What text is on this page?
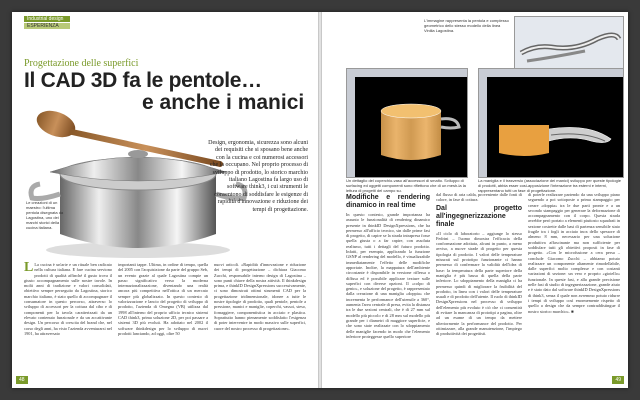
Industrial design
ESPERIENZA
Progettazione delle superfici
Il CAD 3D fa le pentole…
e anche i manici
Le creazioni di un maestro: l'ultima pentola disegnata da Lagostina, uno dei marchi storici della cucina italiana.
Design, ergonomia, sicurezza sono alcuni dei requisiti che si sposano bene anche con la cucina e coi numerosi accessori che la occupano. Nel proprio processo di sviluppo di prodotto, lo storico marchio italiano Lagostina fa largo uso di software think3, i cui strumenti le consentono di soddisfare le esigenze di rapidità d'innovazione e riduzione dei tempi di progettazione.
L La cucina è un'arte e un rituale ben radicato nella cultura italiana. E fare cucina serviono prodotti di qualità affinché il gusto trova il giusto accompagnamento sulle nostre tavole. In molti anni di tradizione e valori consolidati, obiettivo sempre perseguito da Lagostina, storico marchio italiano, è stato quello di accompagnare il consumatore in questo percorso, attraverso lo sviluppo di accessori per la cottura dal cibo e di componenti per la tavola caratterizzati da un elevato contenuto funzionale e da un accattivante design. Un percorso di crescita del brand che, nel corso degli anni, ha visto l'azienda avventurarsi nel 1901, ha attraversato
importanti tappe. Ultima, in ordine di tempo, quella del 2005 con l'acquisizione da parte del gruppo Seb, un evento grazie al quale Lagostina compie un passo significativo verso la moderna internazionalizzazione, diventando una realtà ancora più competitiva nell'ottica di un mercato sempre più globalizzato. In questo contesto di valorizzazione e lancio del progetto di sviluppo di prodotto, l'azienda di Omegna (VB) utilizza dal 1998 all'interno del proprio ufficio tecnico sistemi CAD think3, prima soluzione 2D, per poi passare a sistemi 3D più evoluti. Ha adottato nel 2002 il software thinkdesign per lo sviluppo di nuovi prodotti lanciando, ad oggi, oltre 50
nuovi articoli. «Rapidità d'innovazione e riduzione dei tempi di progettazione – dichiara Giacomo Zucchi, responsabile interno design di Lagostina – sono punti chiave della nostra attività. Il thinkdesign prima, e thinkID DesignXpressions successivamente, ci sono dimostrati ottimi strumenti CAD per la progettazione tridimensionale, idonee a tutte le nostre tipologie di prodotto, quali pentole, pentole a pressione, manici e maniglie, coperchi, vassoi, steso, fornaggiere, componentistica in acciaio e plastica. Soprattutto hanno pienamente soddisfatto l'esigenza di poter intervenire in modo massivo sulle superfici, cuore del nostro processo di progettazione».
48
L'immagine rappresenta la pentola e complesso geometrico dello stesso modello della linea Vinilia Lagostina.
Un dettaglio del coperchio-vaso all'accessori di smalto. Sviluppo di surfacing ed oggetti componenti sono riflettono che di un mesh-la la lettura di progetti del campo su.
La maniglia e il trasversio (associazione dei manici) sviluppo per queste tipologie di prodotti, abbia esser cosi-apposizione l'interazione tra esterni e interni, rappresentano tutti un fase di progettazione.
Modifiche e rendering dinamico in real time
In questo contesto, grande importanza ha assunto le funzionalità di rendering dinamico presente in thinkID DesignXpressions, che ha permesso all'ufficio tecnico, sin dalle prime fasi di progetto, di capire se la strada intrapresa fosse quella giusta o a far capire, con assoluta realismo, tutti i dettagli del futuro prodotto. Infatti, per esempio, applicando la funzione GSNP al rendering del modello, è visualizzabile immediatamente l'effetto delle modifiche apportate. Inoltre, la mappatura dell'ambiente circostante è disponibile in versione riflessa o diffusa ed è possibile applicare texture sulle superfici con diverse opzioni. Il «colpo di genio», e soluzione del progetto, è rappresentato dalla creazione di una maniglia «doppia» che incrementa le performance dell'utensile a 360°, aumenta l'area centrale di presa, evita la distanza tra le due sezioni centrali, che è di 27 mm sul modello più piccolo e di 28 mm sul modello più grande per i diametri di maggiore superficie, e che sono state realizzate con lo sdoppiamento delle maniglie facendo in modo che l'elemento inferiore proteggesse quello superiore
dal flusso di aria calda, proveniente dalle fonti di calore, in fase di cottura.
Dal progetto all'ingegnerizzazione finale
«Il ciclo di laboratorio – aggiunge lo stesso Fedrini – l'uomo dimostra l'efficacia della conformazione adottata, alcuni in punto, a meno avviso, a nuove strade di progetto per questa tipologia di prodotto. I valori delle temperature misurati sul prototipo funzionante ci hanno permesso di confermare la validità dell'idea di base: la temperatura della parte superiore della maniglia è più bassa di quella della parte inferiore. Lo sdoppiamento della maniglia ci ha permesso quindi di migliorare la fruibilità del prodotto, in linea con i valori delle temperature usuali e di prodotto dell'utente. Il ruolo di thinkID DesignXpressions nel processo di sviluppo dell'elemento più evoluto è ciò che ci consentirà di evitare la mancanza di prototipi a pagina, oltre ad un esame di un tempo da mettere ulteriormente la performance del prodotto. Per ottimizzare, alla grande manutenzione, l'impiego di produttività dei progettisti.
di poterle realizzare partendo da una sviluppo piano seguendo a poi sottoposte a prima stampaggio per creare «doppia» tra le due parti pronte e a un secondo stampaggio per generare la deformazione di accompagnamento con il corpo. Questa strada avrebbe però portato a elementi piuttosto squadrati in sezione costrette dalle basi di partenza sensibile stato fragile tra i fogli in acciaio inox dello spessore di almeno 8 mm, necessario per una soluzione produttiva affascinante ma non sufficiente per soddisfare tutti gli obiettivi proposti in fase di progetto. «Con le microfusione a cera persa – conclude Giacomo Zucchi – abbiamo potuto realizzare un componente altamente rimodellabile, dalle superfici molto complesse e con costanti variazioni di sezione: un vero e proprio «gioiello» funzionale. In queste fasi, e alla grande precisione nelle fasi di studio di ingegnerizzazione, grande aiuto e è stato dato dal software thinkID DesignXpressions di think3, senza il quale non avremmo potuto ridurre i tempi di sviluppo così enormemente rispetto di quello a design che da sempre contraddistingue il nostro storico marchio». ■
49
